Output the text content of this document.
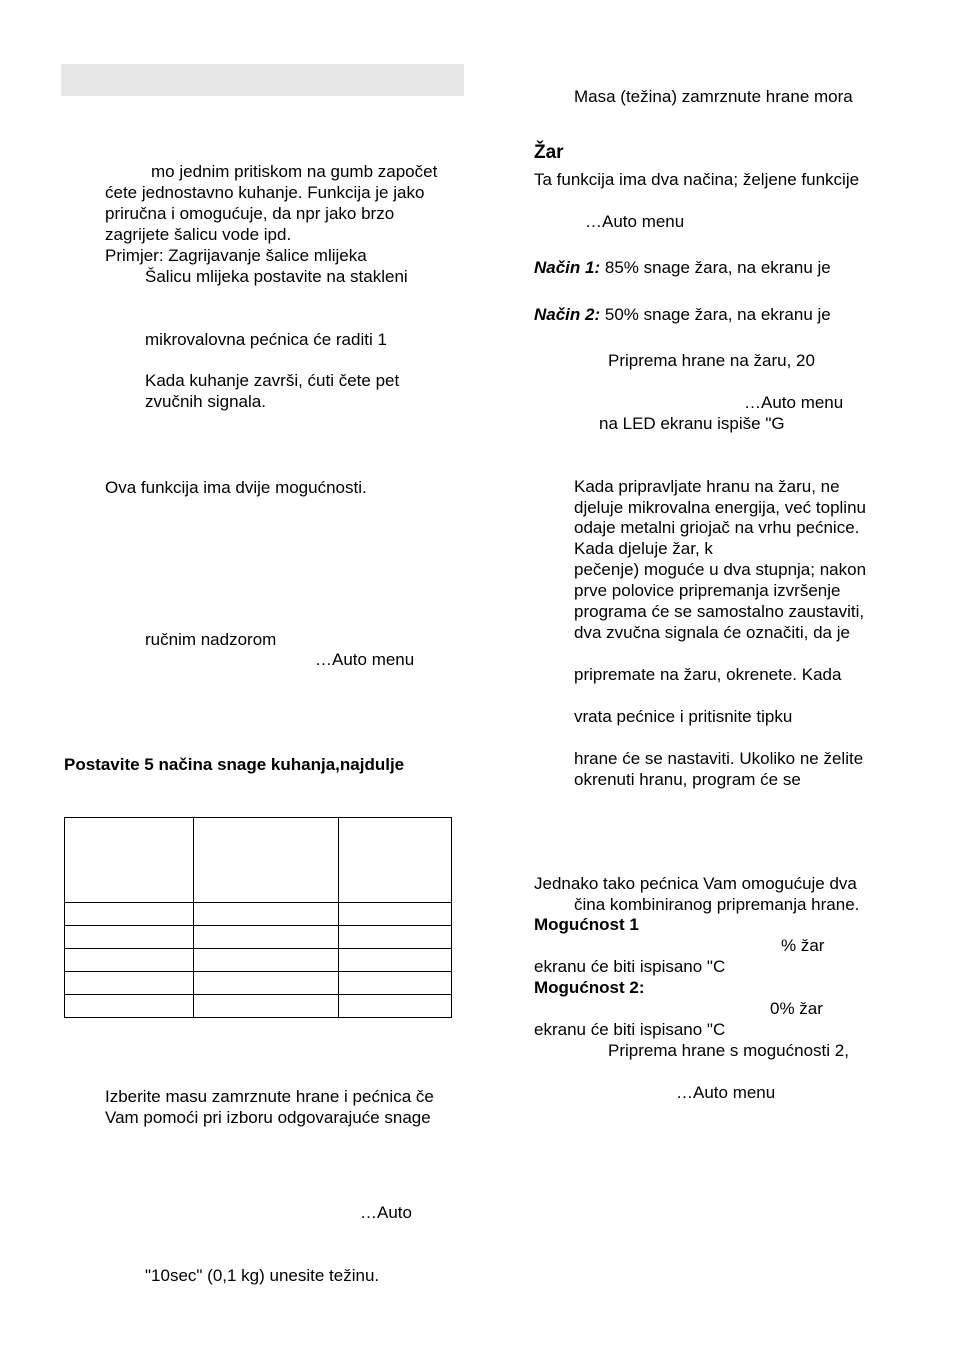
mo jednim pritiskom na gumb započet
ćete jednostavno kuhanje. Funkcija je jako
priručna i omogućuje, da npr jako brzo
zagrijete šalicu vode ipd.
Primjer: Zagrijavanje šalice mlijeka
Šalicu mlijeka postavite na stakleni
mikrovalovna pećnica će raditi 1
Kada kuhanje završi, ćuti čete pet
zvučnih signala.
Ova funkcija ima dvije mogućnosti.
ručnim nadzorom
…Auto menu
Postavite 5 načina snage kuhanja,najdulje

Izberite masu zamrznute hrane i pećnica če
Vam pomoći pri izboru odgovarajuće snage
…Auto
"10sec" (0,1 kg) unesite težinu.
Masa (težina) zamrznute hrane mora
Žar
Ta funkcija ima dva načina; željene funkcije
…Auto menu
Način 1: 85% snage žara, na ekranu je
Način 2: 50% snage žara, na ekranu je
Priprema hrane na žaru, 20
…Auto menu
na LED ekranu ispiše "G
Kada pripravljate hranu na žaru, ne
djeluje mikrovalna energija, već toplinu
odaje metalni griojač na vrhu pećnice.
Kada djeluje žar, k
pečenje) moguće u dva stupnja; nakon
prve polovice pripremanja izvršenje
programa će se samostalno zaustaviti,
dva zvučna signala će označiti, da je
pripremate na žaru, okrenete. Kada
vrata pećnice i pritisnite tipku
hrane će se nastaviti. Ukoliko ne želite
okrenuti hranu, program će se
Jednako tako pećnica Vam omogućuje dva
čina kombiniranog pripremanja hrane.
Mogućnost 1
% žar
ekranu će biti ispisano "C
Mogućnost 2:
0% žar
ekranu će biti ispisano "C
Priprema hrane s mogućnosti 2,
…Auto menu
